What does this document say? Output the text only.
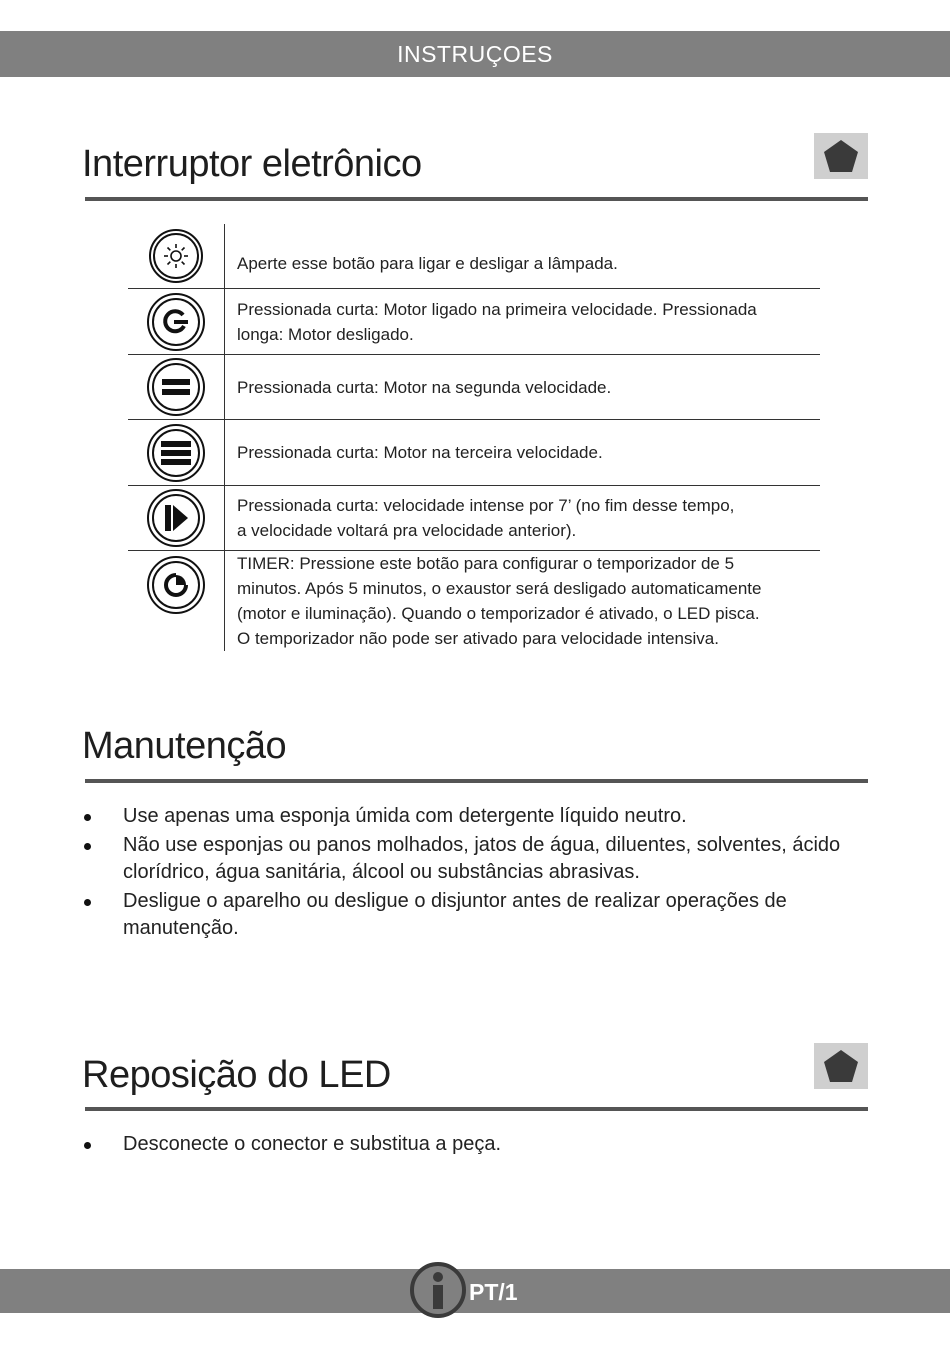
INSTRUÇOES
Interruptor eletrônico
Aperte esse botão para ligar e desligar a lâmpada.
Pressionada curta: Motor ligado na primeira velocidade. Pressionada
longa: Motor desligado.
Pressionada curta: Motor na segunda velocidade.
Pressionada curta: Motor na terceira velocidade.
Pressionada curta: velocidade intense por 7’ (no fim desse tempo,
a velocidade voltará pra velocidade anterior).
TIMER: Pressione este botão para configurar o temporizador de 5
minutos. Após 5 minutos, o exaustor será desligado automaticamente
(motor e iluminação). Quando o temporizador é ativado, o LED pisca.
O temporizador não pode ser ativado para velocidade intensiva.
Manutenção
Use apenas uma esponja úmida com detergente líquido neutro.
Não use esponjas ou panos molhados, jatos de água, diluentes, solventes, ácido clorídrico, água sanitária, álcool ou substâncias abrasivas.
Desligue o aparelho ou desligue o disjuntor antes de realizar operações de manutenção.
Reposição do LED
Desconecte o conector e substitua a peça.
PT/1
